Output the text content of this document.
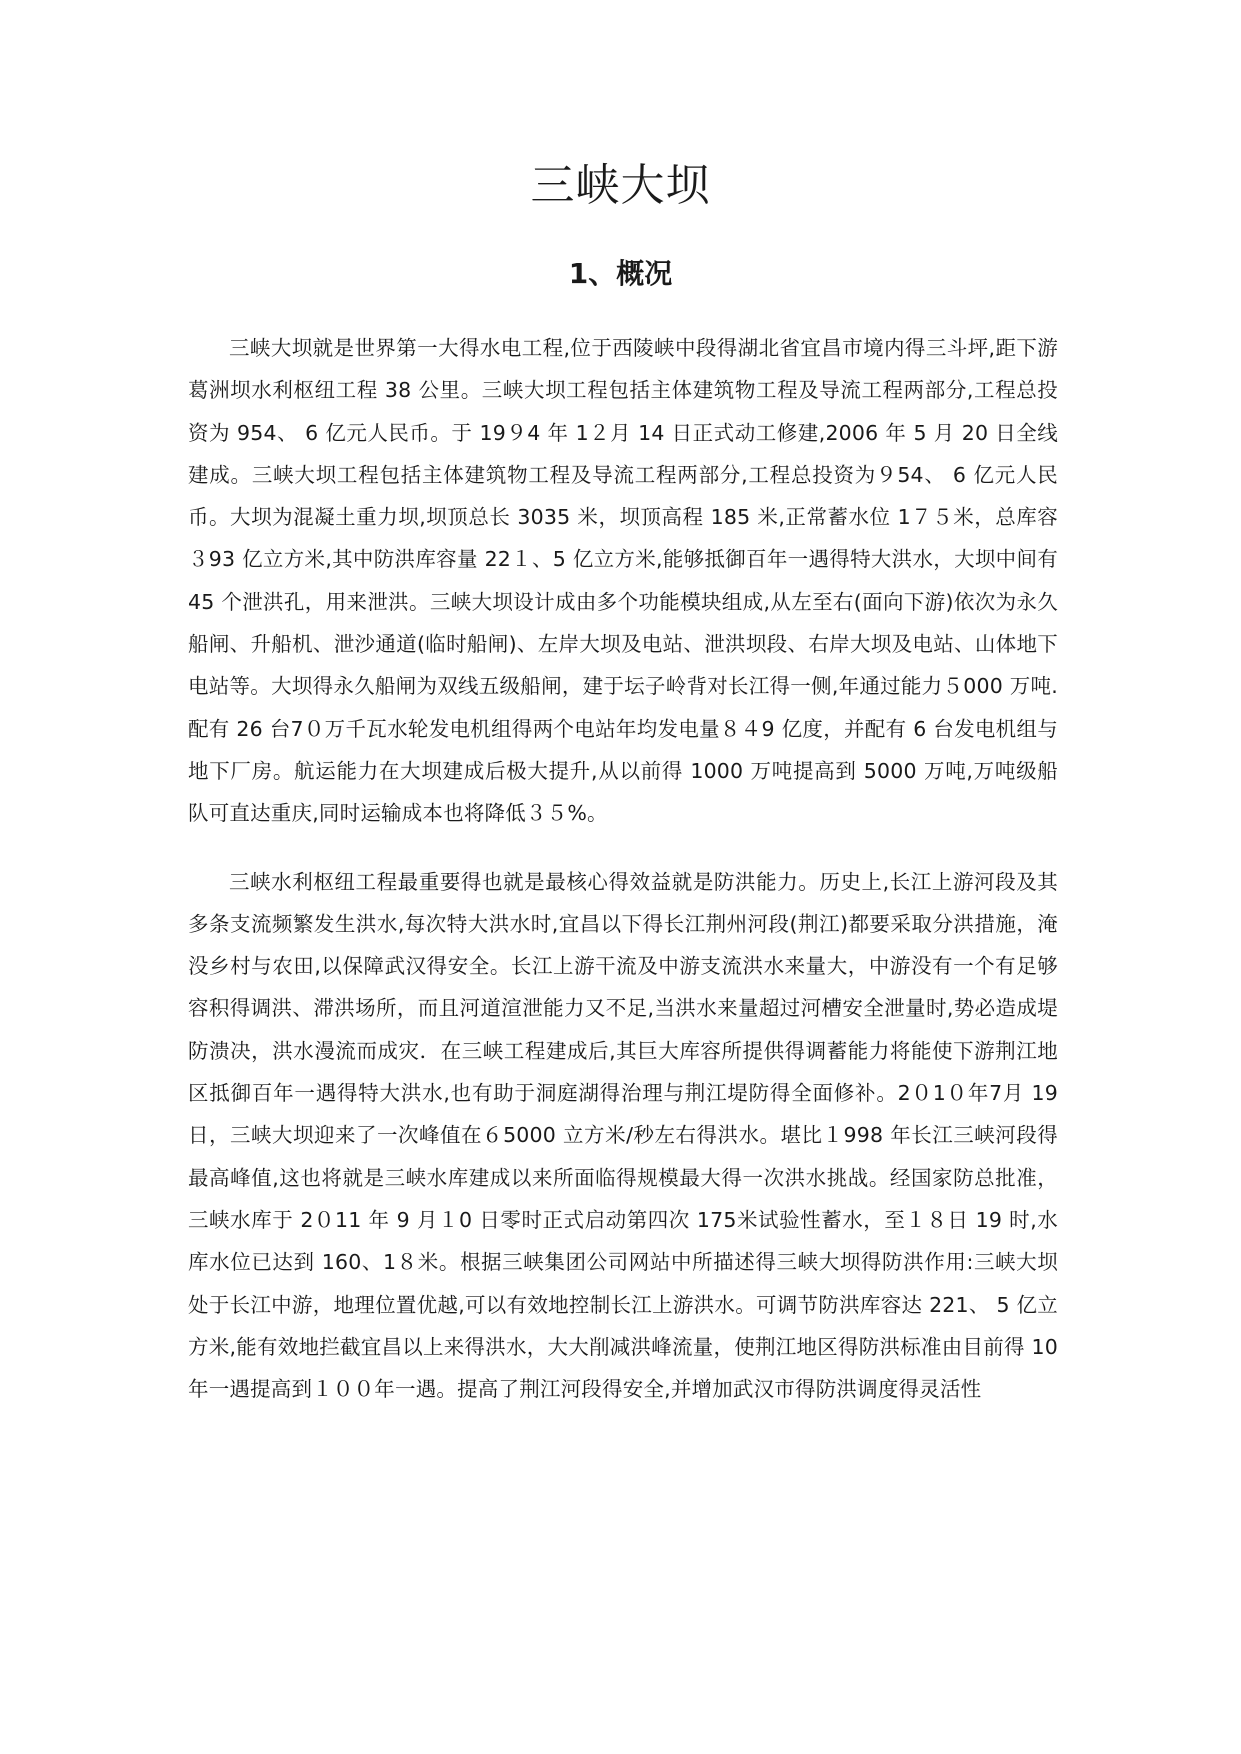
三峡大坝
1、概况

三峡大坝就是世界第一大得水电工程,位于西陵峡中段得湖北省宜昌市境内得三斗坪,距下游葛洲坝水利枢纽工程 38 公里。三峡大坝工程包括主体建筑物工程及导流工程两部分,工程总投资为 954、 6 亿元人民币。于 19９4 年 1２月 14 日正式动工修建,2006 年 5 月 20 日全线建成。三峡大坝工程包括主体建筑物工程及导流工程两部分,工程总投资为９54、 6 亿元人民币。大坝为混凝土重力坝,坝顶总长 3035 米，坝顶高程 185 米,正常蓄水位 1７５米，总库容３93 亿立方米,其中防洪库容量 22１、5 亿立方米,能够抵御百年一遇得特大洪水，大坝中间有 45 个泄洪孔，用来泄洪。三峡大坝设计成由多个功能模块组成,从左至右(面向下游)依次为永久船闸、升船机、泄沙通道(临时船闸)、左岸大坝及电站、泄洪坝段、右岸大坝及电站、山体地下电站等。大坝得永久船闸为双线五级船闸，建于坛子岭背对长江得一侧,年通过能力５000 万吨.配有 26 台7０万千瓦水轮发电机组得两个电站年均发电量８４9 亿度，并配有 6 台发电机组与地下厂房。航运能力在大坝建成后极大提升,从以前得 1000 万吨提高到 5000 万吨,万吨级船队可直达重庆,同时运输成本也将降低３５%。

三峡水利枢纽工程最重要得也就是最核心得效益就是防洪能力。历史上,长江上游河段及其多条支流频繁发生洪水,每次特大洪水时,宜昌以下得长江荆州河段(荆江)都要采取分洪措施，淹没乡村与农田,以保障武汉得安全。长江上游干流及中游支流洪水来量大，中游没有一个有足够容积得调洪、滞洪场所，而且河道渲泄能力又不足,当洪水来量超过河槽安全泄量时,势必造成堤防溃决，洪水漫流而成灾．在三峡工程建成后,其巨大库容所提供得调蓄能力将能使下游荆江地区抵御百年一遇得特大洪水,也有助于洞庭湖得治理与荆江堤防得全面修补。2０1０年7月 19 日，三峡大坝迎来了一次峰值在６5000 立方米/秒左右得洪水。堪比１998 年长江三峡河段得最高峰值,这也将就是三峡水库建成以来所面临得规模最大得一次洪水挑战。经国家防总批准，三峡水库于 2０11 年 9 月１0 日零时正式启动第四次 175米试验性蓄水，至１８日 19 时,水库水位已达到 160、1８米。根据三峡集团公司网站中所描述得三峡大坝得防洪作用:三峡大坝处于长江中游，地理位置优越,可以有效地控制长江上游洪水。可调节防洪库容达 221、 5 亿立方米,能有效地拦截宜昌以上来得洪水，大大削减洪峰流量，使荆江地区得防洪标准由目前得 10 年一遇提高到１００年一遇。提高了荆江河段得安全,并增加武汉市得防洪调度得灵活性
